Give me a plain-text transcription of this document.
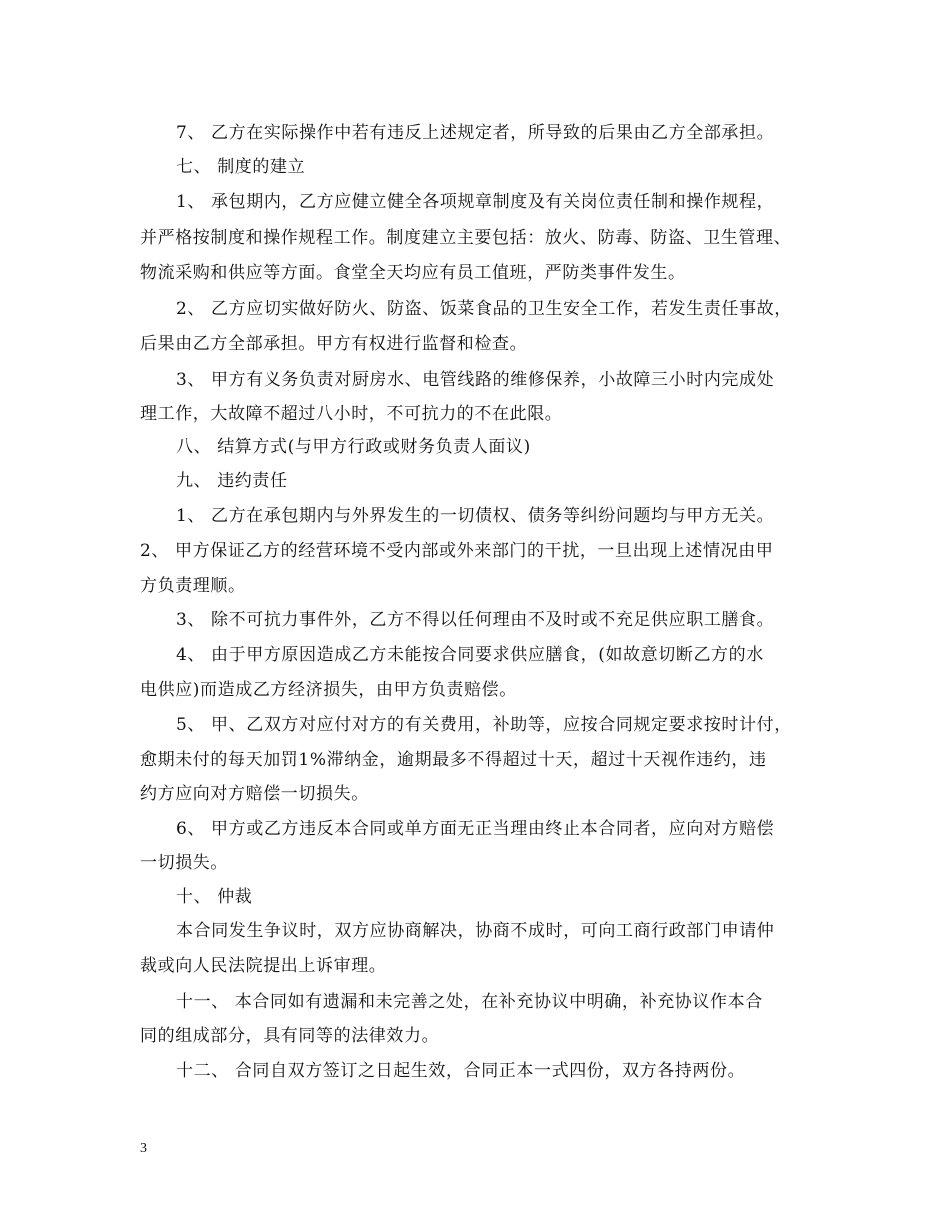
7、 乙方在实际操作中若有违反上述规定者，所导致的后果由乙方全部承担。
七、 制度的建立
1、 承包期内，乙方应健立健全各项规章制度及有关岗位责任制和操作规程，
并严格按制度和操作规程工作。制度建立主要包括：放火、防毒、防盗、卫生管理、
物流采购和供应等方面。食堂全天均应有员工值班，严防类事件发生。
2、 乙方应切实做好防火、防盗、饭菜食品的卫生安全工作，若发生责任事故，
后果由乙方全部承担。甲方有权进行监督和检查。
3、 甲方有义务负责对厨房水、电管线路的维修保养，小故障三小时内完成处
理工作，大故障不超过八小时，不可抗力的不在此限。
八、 结算方式(与甲方行政或财务负责人面议)
九、 违约责任
1、 乙方在承包期内与外界发生的一切债权、债务等纠纷问题均与甲方无关。
2、 甲方保证乙方的经营环境不受内部或外来部门的干扰，一旦出现上述情况由甲
方负责理顺。
3、 除不可抗力事件外，乙方不得以任何理由不及时或不充足供应职工膳食。
4、 由于甲方原因造成乙方未能按合同要求供应膳食，(如故意切断乙方的水
电供应)而造成乙方经济损失，由甲方负责赔偿。
5、 甲、乙双方对应付对方的有关费用，补助等，应按合同规定要求按时计付，
愈期未付的每天加罚1%滞纳金，逾期最多不得超过十天，超过十天视作违约，违
约方应向对方赔偿一切损失。
6、 甲方或乙方违反本合同或单方面无正当理由终止本合同者，应向对方赔偿
一切损失。
十、 仲裁
本合同发生争议时，双方应协商解决，协商不成时，可向工商行政部门申请仲
裁或向人民法院提出上诉审理。
十一、 本合同如有遗漏和未完善之处，在补充协议中明确，补充协议作本合
同的组成部分，具有同等的法律效力。
十二、 合同自双方签订之日起生效，合同正本一式四份，双方各持两份。
3
